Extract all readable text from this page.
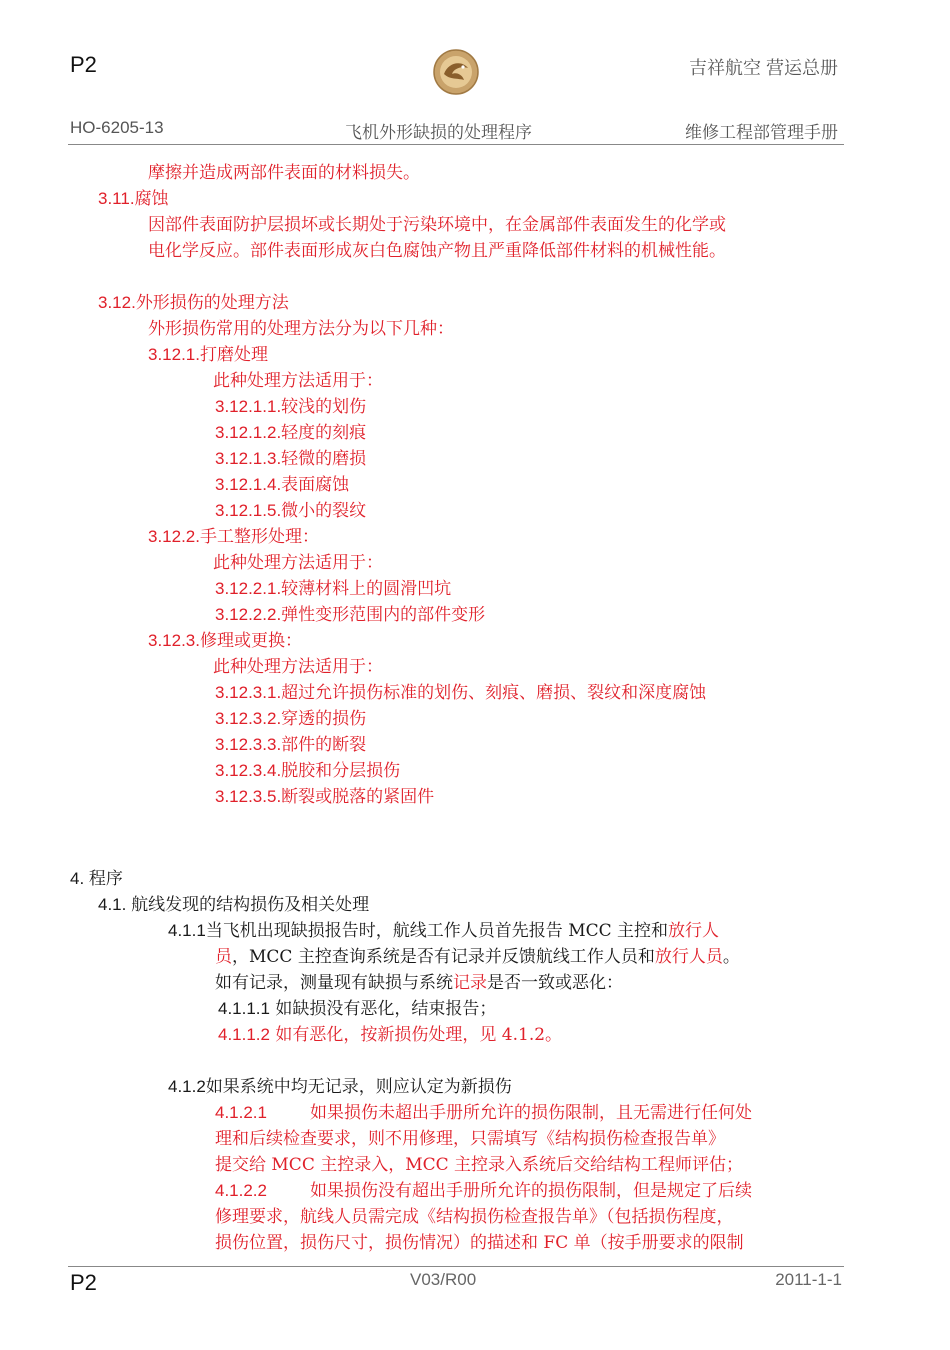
P2	吉祥航空 营运总册
HO-6205-13	飞机外形缺损的处理程序	维修工程部管理手册
摩擦并造成两部件表面的材料损失。
3.11.腐蚀
因部件表面防护层损坏或长期处于污染环境中，在金属部件表面发生的化学或
电化学反应。部件表面形成灰白色腐蚀产物且严重降低部件材料的机械性能。
3.12.外形损伤的处理方法
外形损伤常用的处理方法分为以下几种：
3.12.1.打磨处理
此种处理方法适用于：
3.12.1.1.较浅的划伤
3.12.1.2.轻度的刻痕
3.12.1.3.轻微的磨损
3.12.1.4.表面腐蚀
3.12.1.5.微小的裂纹
3.12.2.手工整形处理：
此种处理方法适用于：
3.12.2.1.较薄材料上的圆滑凹坑
3.12.2.2.弹性变形范围内的部件变形
3.12.3.修理或更换：
此种处理方法适用于：
3.12.3.1.超过允许损伤标准的划伤、刻痕、磨损、裂纹和深度腐蚀
3.12.3.2.穿透的损伤
3.12.3.3.部件的断裂
3.12.3.4.脱胶和分层损伤
3.12.3.5.断裂或脱落的紧固件
4. 程序
4.1. 航线发现的结构损伤及相关处理
4.1.1当飞机出现缺损报告时，航线工作人员首先报告 MCC 主控和放行人
员，MCC 主控查询系统是否有记录并反馈航线工作人员和放行人员。
如有记录，测量现有缺损与系统记录是否一致或恶化：
4.1.1.1 如缺损没有恶化，结束报告；
4.1.1.2 如有恶化，按新损伤处理，见 4.1.2。
4.1.2如果系统中均无记录，则应认定为新损伤
4.1.2.1	如果损伤未超出手册所允许的损伤限制，且无需进行任何处
理和后续检查要求，则不用修理，只需填写《结构损伤检查报告单》
提交给 MCC 主控录入，MCC 主控录入系统后交给结构工程师评估；
4.1.2.2	如果损伤没有超出手册所允许的损伤限制，但是规定了后续
修理要求，航线人员需完成《结构损伤检查报告单》（包括损伤程度，
损伤位置，损伤尺寸，损伤情况）的描述和 FC 单（按手册要求的限制
P2	V03/R00	2011-1-1
